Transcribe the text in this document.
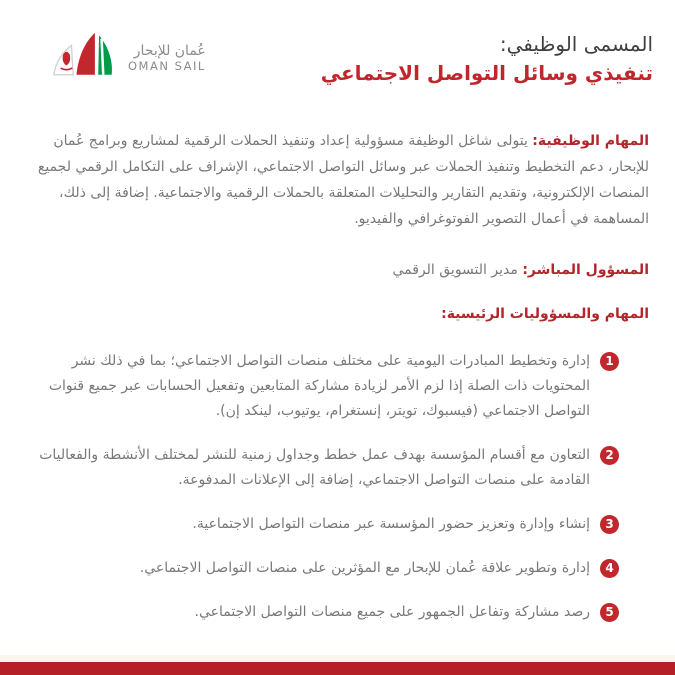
عُمان للإبحار
OMAN SAIL
المسمى الوظيفي:
تنفيذي وسائل التواصل الاجتماعي

المهام الوظيفية: يتولى شاغل الوظيفة مسؤولية إعداد وتنفيذ الحملات الرقمية لمشاريع وبرامج عُمان للإبحار، دعم التخطيط وتنفيذ الحملات عبر وسائل التواصل الاجتماعي، الإشراف على التكامل الرقمي لجميع المنصات الإلكترونية، وتقديم التقارير والتحليلات المتعلقة بالحملات الرقمية والاجتماعية. إضافة إلى ذلك، المساهمة في أعمال التصوير الفوتوغرافي والفيديو.

المسؤول المباشر: مدير التسويق الرقمي

المهام والمسؤوليات الرئيسية:

1
إدارة وتخطيط المبادرات اليومية على مختلف منصات التواصل الاجتماعي؛ بما في ذلك نشر المحتويات ذات الصلة إذا لزم الأمر لزيادة مشاركة المتابعين وتفعيل الحسابات عبر جميع قنوات التواصل الاجتماعي (فيسبوك، تويتر، إنستغرام، يوتيوب، لينكد إن).
2
التعاون مع أقسام المؤسسة بهدف عمل خطط وجداول زمنية للنشر لمختلف الأنشطة والفعاليات القادمة على منصات التواصل الاجتماعي، إضافة إلى الإعلانات المدفوعة.
3
إنشاء وإدارة وتعزيز حضور المؤسسة عبر منصات التواصل الاجتماعية.
4
إدارة وتطوير علاقة عُمان للإبحار مع المؤثرين على منصات التواصل الاجتماعي.
5
رصد مشاركة وتفاعل الجمهور على جميع منصات التواصل الاجتماعي.
